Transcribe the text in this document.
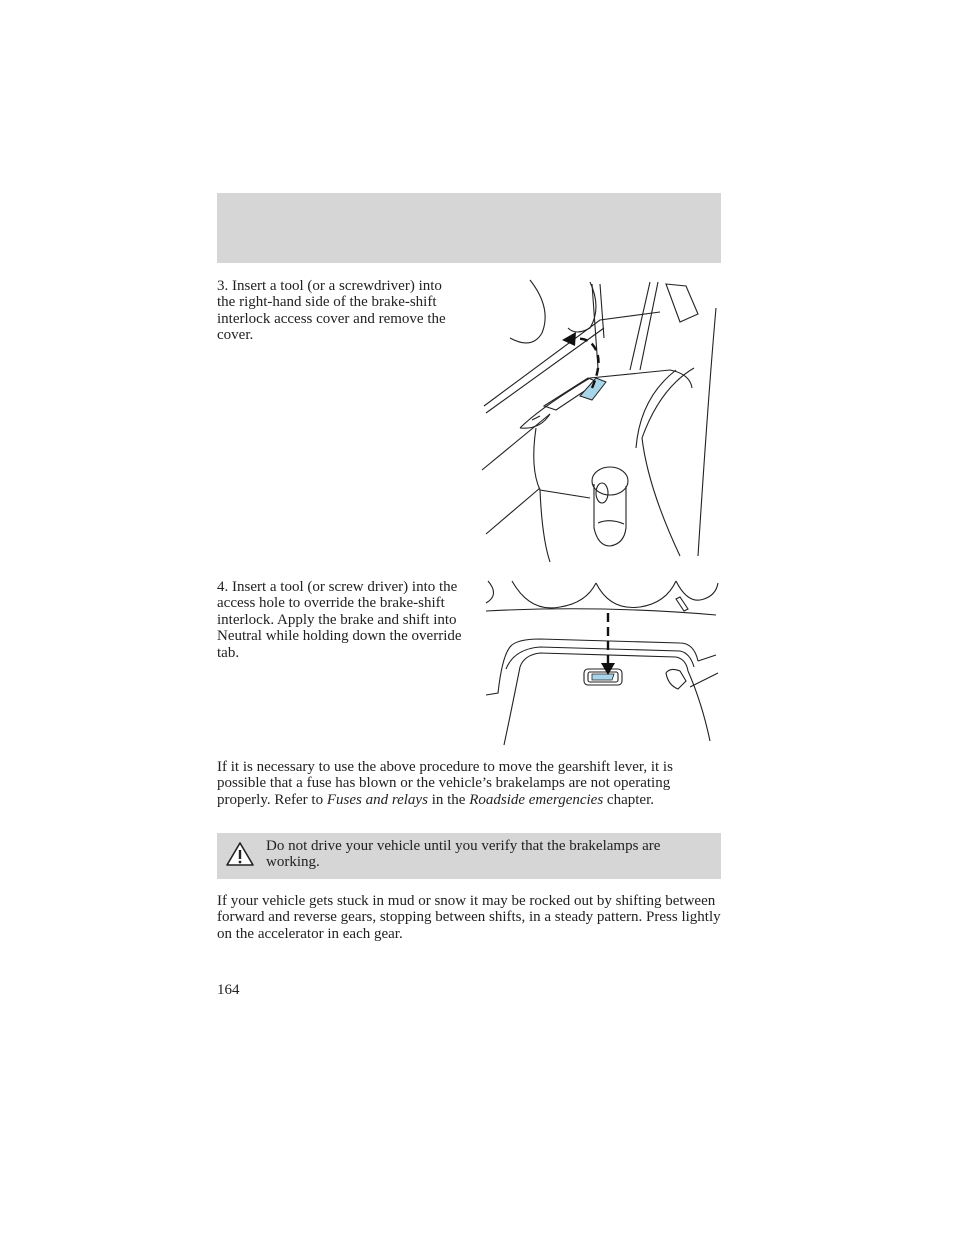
3. Insert a tool (or a screwdriver) into the right-hand side of the brake-shift interlock access cover and remove the cover.
4. Insert a tool (or screw driver) into the access hole to override the brake-shift interlock. Apply the brake and shift into Neutral while holding down the override tab.
If it is necessary to use the above procedure to move the gearshift lever, it is possible that a fuse has blown or the vehicle’s brakelamps are not operating properly. Refer to Fuses and relays in the Roadside emergencies chapter.
Do not drive your vehicle until you verify that the brakelamps are working.
If your vehicle gets stuck in mud or snow it may be rocked out by shifting between forward and reverse gears, stopping between shifts, in a steady pattern. Press lightly on the accelerator in each gear.
164
